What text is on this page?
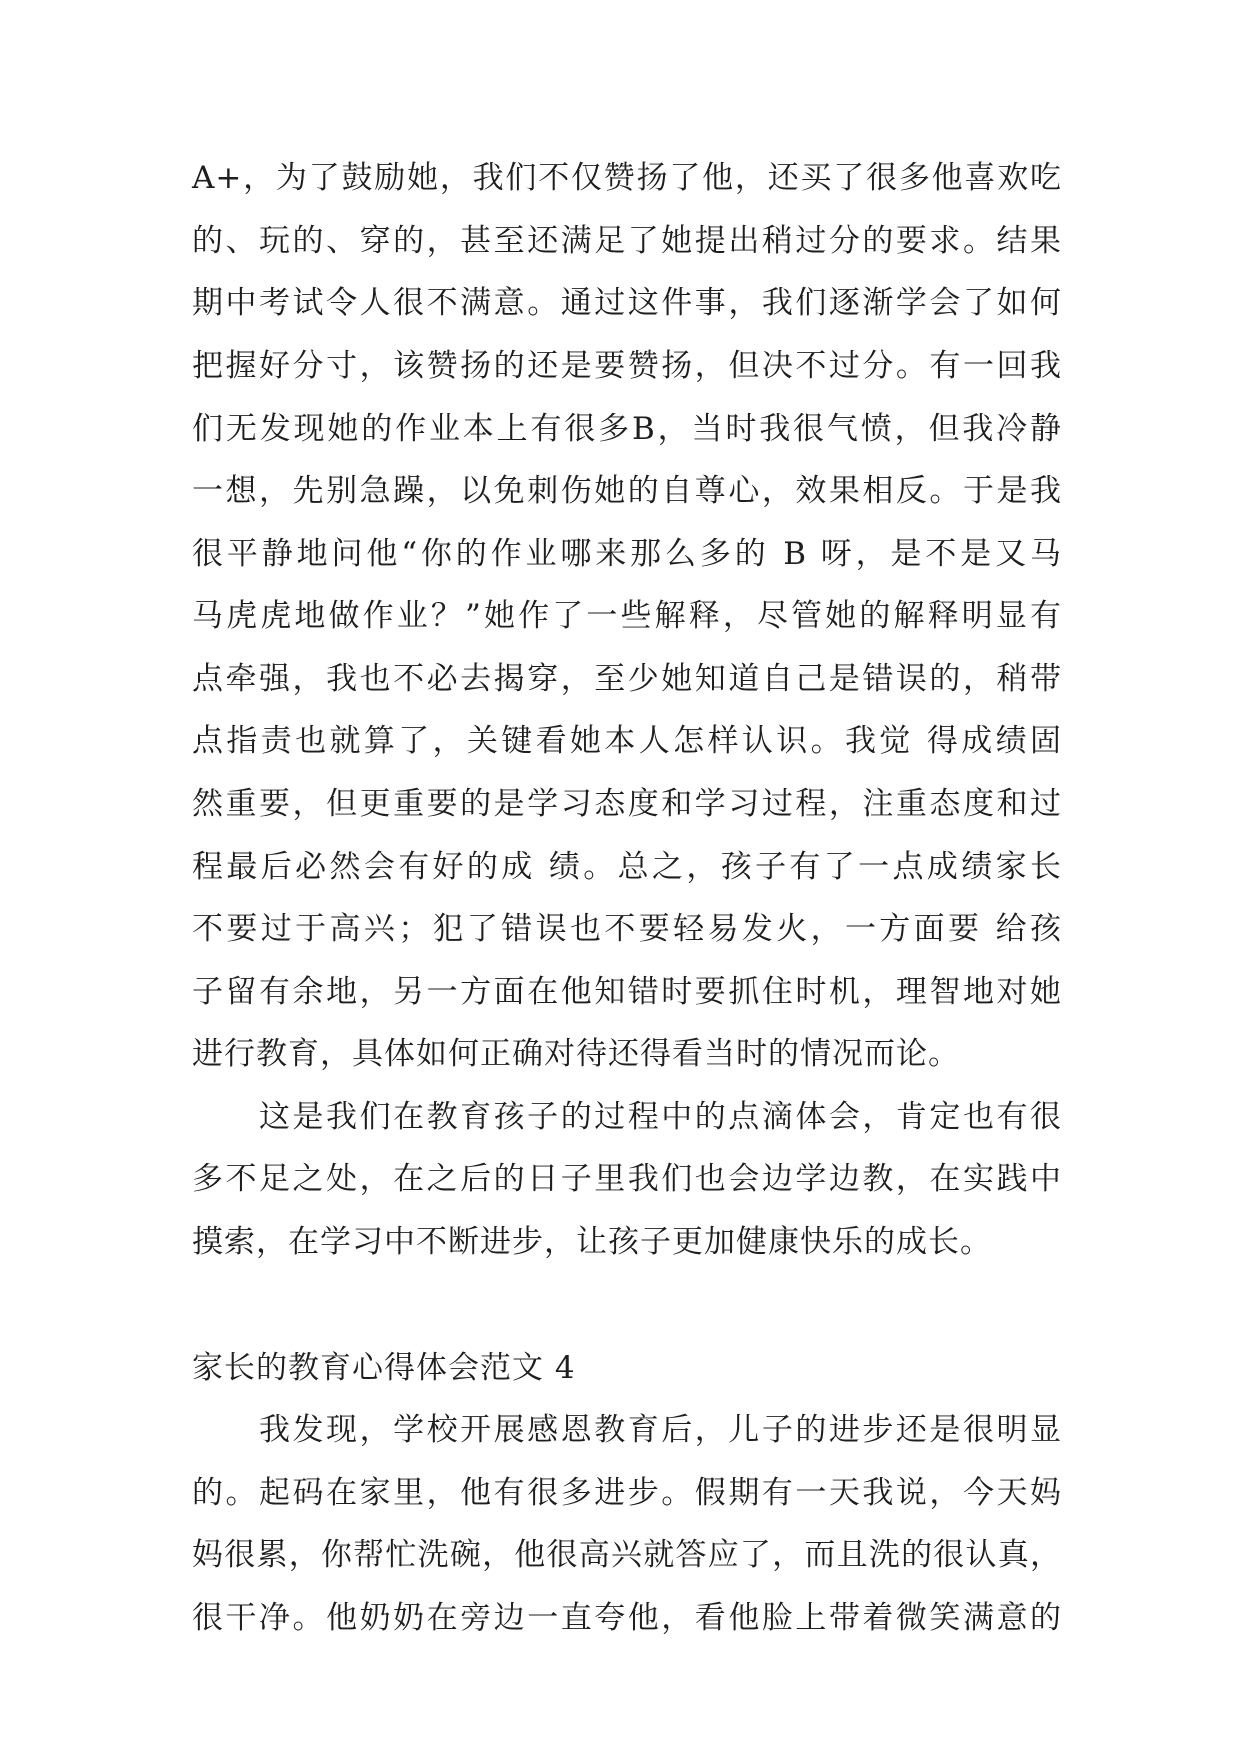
A+，为了鼓励她，我们不仅赞扬了他，还买了很多他喜欢吃
的、玩的、穿的，甚至还满足了她提出稍过分的要求。结果
期中考试令人很不满意。通过这件事，我们逐渐学会了如何
把握好分寸，该赞扬的还是要赞扬，但决不过分。有一回我
们无发现她的作业本上有很多B，当时我很气愤，但我冷静
一想，先别急躁，以免刺伤她的自尊心，效果相反。于是我
很平静地问他“你的作业哪来那么多的 B 呀，是不是又马
马虎虎地做作业？”她作了一些解释，尽管她的解释明显有
点牵强，我也不必去揭穿，至少她知道自己是错误的，稍带
点指责也就算了，关键看她本人怎样认识。我觉 得成绩固
然重要，但更重要的是学习态度和学习过程，注重态度和过
程最后必然会有好的成 绩。总之，孩子有了一点成绩家长
不要过于高兴；犯了错误也不要轻易发火，一方面要 给孩
子留有余地，另一方面在他知错时要抓住时机，理智地对她
进行教育，具体如何正确对待还得看当时的情况而论。
这是我们在教育孩子的过程中的点滴体会，肯定也有很
多不足之处，在之后的日子里我们也会边学边教，在实践中
摸索，在学习中不断进步，让孩子更加健康快乐的成长。
家长的教育心得体会范文 4
我发现，学校开展感恩教育后，儿子的进步还是很明显
的。起码在家里，他有很多进步。假期有一天我说，今天妈
妈很累，你帮忙洗碗，他很高兴就答应了，而且洗的很认真，
很干净。他奶奶在旁边一直夸他，看他脸上带着微笑满意的
